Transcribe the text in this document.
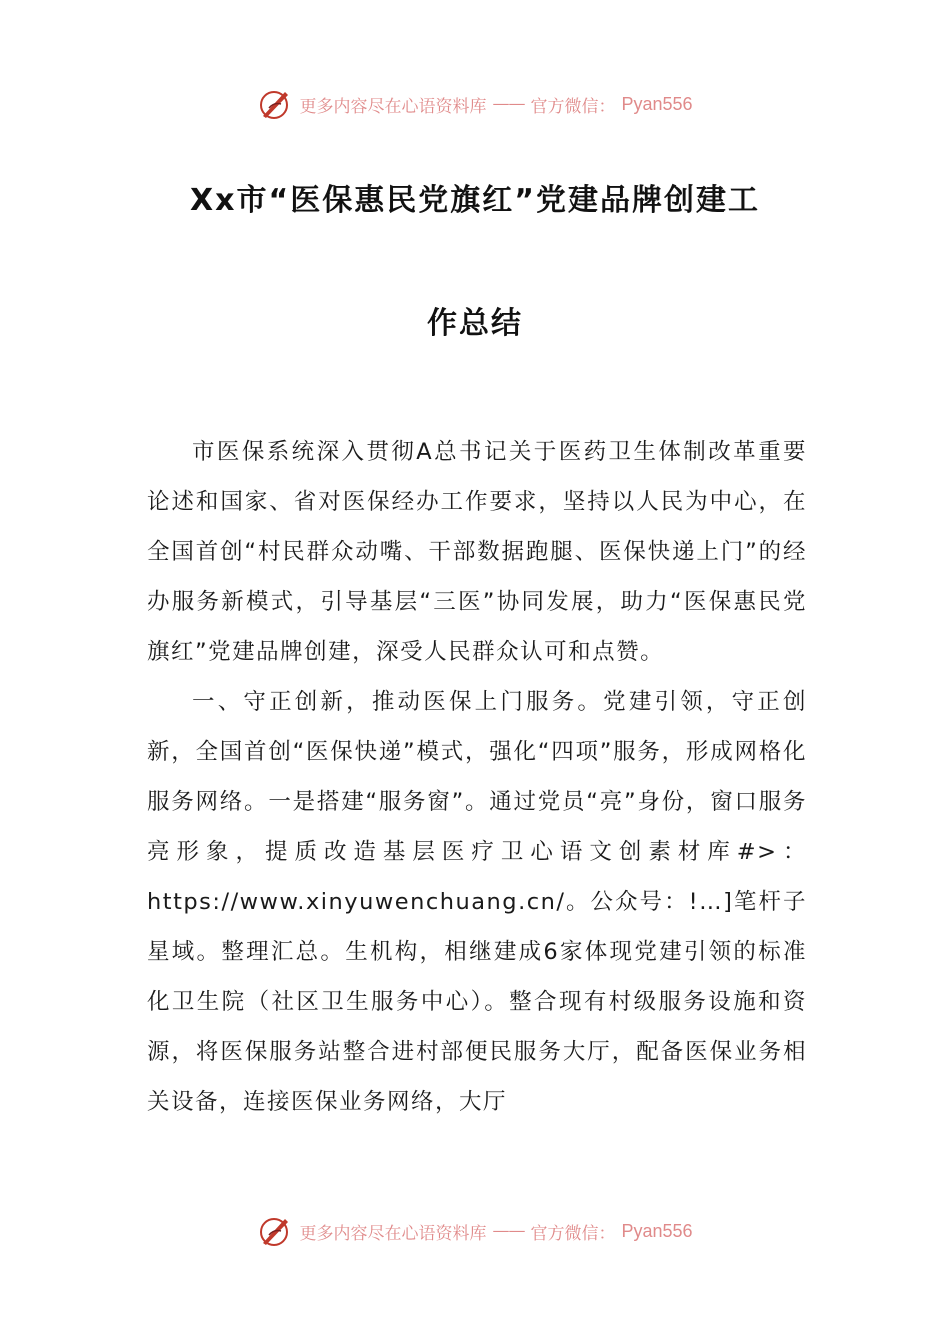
更多内容尽在心语资料库 —— 官方微信： Pyan556
Xx市“医保惠民党旗红”党建品牌创建工
作总结

市医保系统深入贯彻A总书记关于医药卫生体制改革重要论述和国家、省对医保经办工作要求，坚持以人民为中心，在全国首创“村民群众动嘴、干部数据跑腿、医保快递上门”的经办服务新模式，引导基层“三医”协同发展，助力“医保惠民党旗红”党建品牌创建，深受人民群众认可和点赞。

一、守正创新，推动医保上门服务。党建引领，守正创新，全国首创“医保快递”模式，强化“四项”服务，形成网格化服务网络。一是搭建“服务窗”。通过党员“亮”身份，窗口服务亮形象，提质改造基层医疗卫心语文创素材库#>：https://www.xinyuwenchuang.cn/。公众号：!…]笔杆子星域。整理汇总。生机构，相继建成6家体现党建引领的标准化卫生院（社区卫生服务中心）。整合现有村级服务设施和资源，将医保服务站整合进村部便民服务大厅，配备医保业务相关设备，连接医保业务网络，大厅

更多内容尽在心语资料库 —— 官方微信： Pyan556
